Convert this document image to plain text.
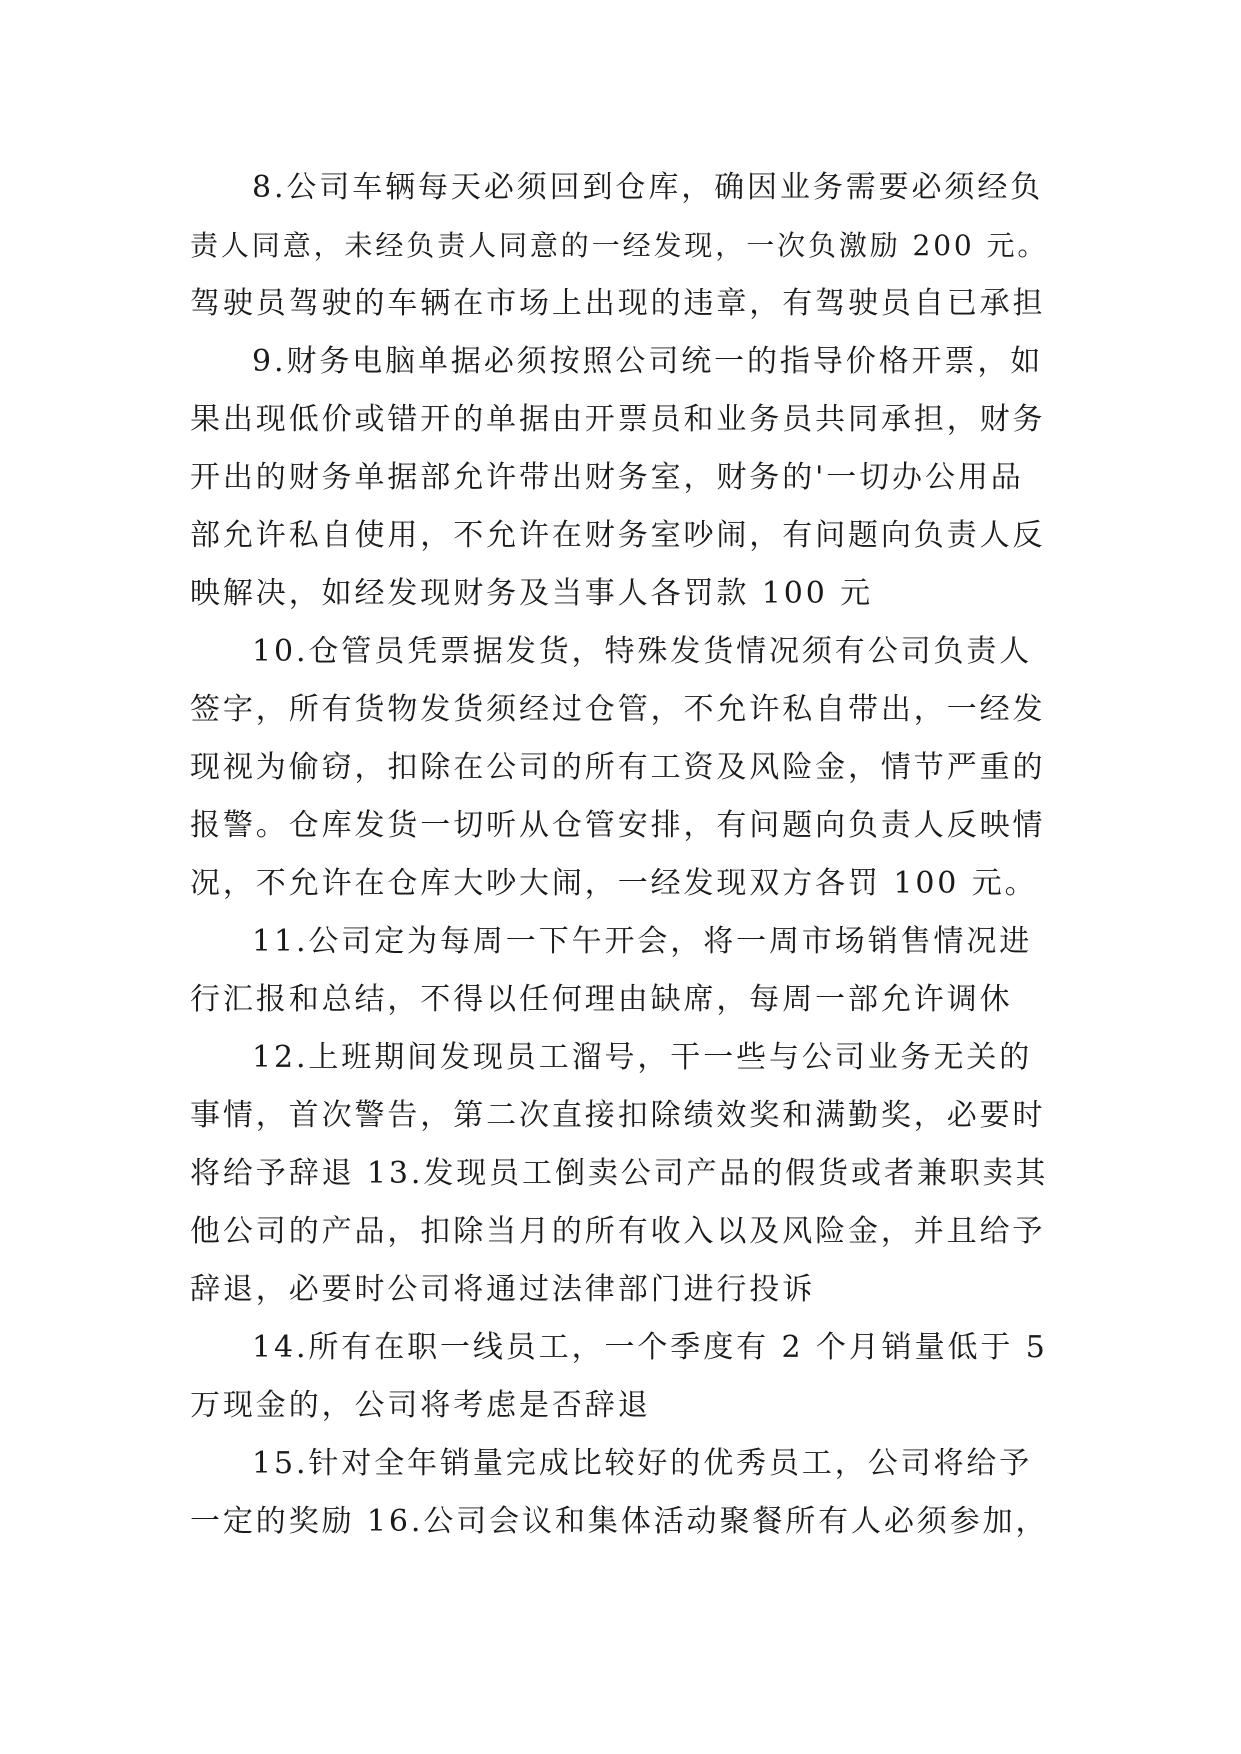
8.公司车辆每天必须回到仓库，确因业务需要必须经负
责人同意，未经负责人同意的一经发现，一次负激励 200 元。
驾驶员驾驶的车辆在市场上出现的违章，有驾驶员自已承担
9.财务电脑单据必须按照公司统一的指导价格开票，如
果出现低价或错开的单据由开票员和业务员共同承担，财务
开出的财务单据部允许带出财务室，财务的'一切办公用品
部允许私自使用，不允许在财务室吵闹，有问题向负责人反
映解决，如经发现财务及当事人各罚款 100 元
10.仓管员凭票据发货，特殊发货情况须有公司负责人
签字，所有货物发货须经过仓管，不允许私自带出，一经发
现视为偷窃，扣除在公司的所有工资及风险金，情节严重的
报警。仓库发货一切听从仓管安排，有问题向负责人反映情
况，不允许在仓库大吵大闹，一经发现双方各罚 100 元。
11.公司定为每周一下午开会，将一周市场销售情况进
行汇报和总结，不得以任何理由缺席，每周一部允许调休
12.上班期间发现员工溜号，干一些与公司业务无关的
事情，首次警告，第二次直接扣除绩效奖和满勤奖，必要时
将给予辞退 13.发现员工倒卖公司产品的假货或者兼职卖其
他公司的产品，扣除当月的所有收入以及风险金，并且给予
辞退，必要时公司将通过法律部门进行投诉
14.所有在职一线员工，一个季度有 2 个月销量低于 5
万现金的，公司将考虑是否辞退
15.针对全年销量完成比较好的优秀员工，公司将给予
一定的奖励 16.公司会议和集体活动聚餐所有人必须参加，
